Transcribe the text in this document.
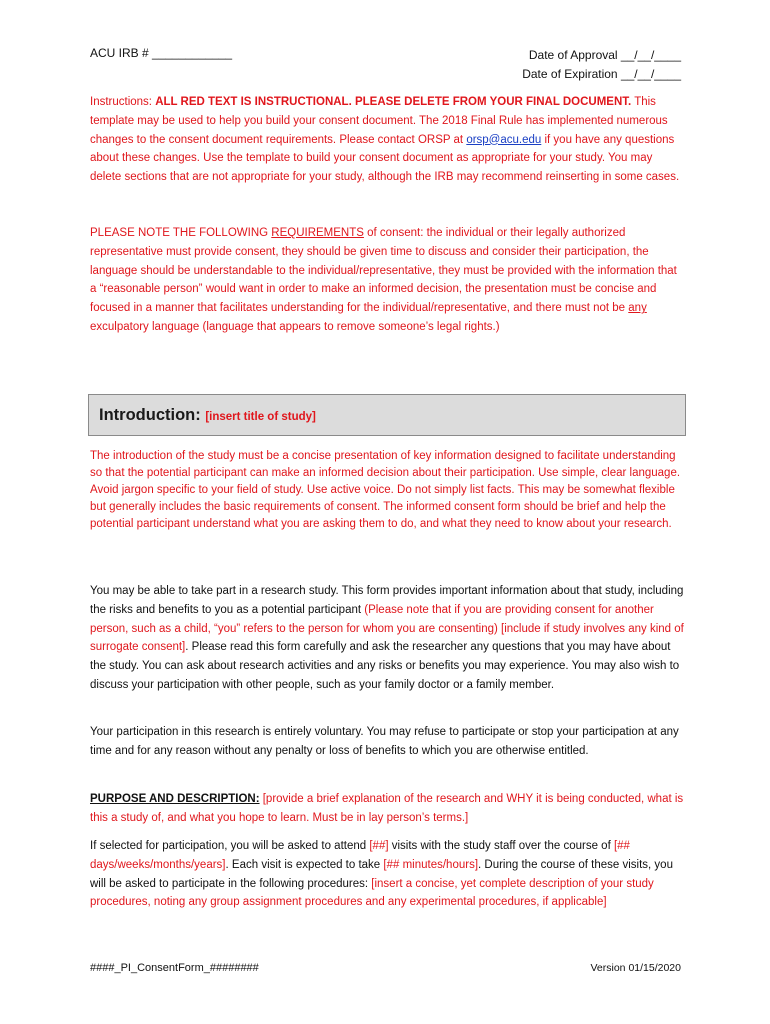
ACU IRB # ____________	Date of Approval __/__/____
Date of Expiration __/__/____
Instructions: ALL RED TEXT IS INSTRUCTIONAL. PLEASE DELETE FROM YOUR FINAL DOCUMENT. This template may be used to help you build your consent document. The 2018 Final Rule has implemented numerous changes to the consent document requirements. Please contact ORSP at orsp@acu.edu if you have any questions about these changes. Use the template to build your consent document as appropriate for your study. You may delete sections that are not appropriate for your study, although the IRB may recommend reinserting in some cases.
PLEASE NOTE THE FOLLOWING REQUIREMENTS of consent: the individual or their legally authorized representative must provide consent, they should be given time to discuss and consider their participation, the language should be understandable to the individual/representative, they must be provided with the information that a “reasonable person” would want in order to make an informed decision, the presentation must be concise and focused in a manner that facilitates understanding for the individual/representative, and there must not be any exculpatory language (language that appears to remove someone’s legal rights.)
Introduction: [insert title of study]
The introduction of the study must be a concise presentation of key information designed to facilitate understanding so that the potential participant can make an informed decision about their participation. Use simple, clear language. Avoid jargon specific to your field of study. Use active voice. Do not simply list facts. This may be somewhat flexible but generally includes the basic requirements of consent. The informed consent form should be brief and help the potential participant understand what you are asking them to do, and what they need to know about your research.
You may be able to take part in a research study. This form provides important information about that study, including the risks and benefits to you as a potential participant (Please note that if you are providing consent for another person, such as a child, “you” refers to the person for whom you are consenting) [include if study involves any kind of surrogate consent]. Please read this form carefully and ask the researcher any questions that you may have about the study. You can ask about research activities and any risks or benefits you may experience. You may also wish to discuss your participation with other people, such as your family doctor or a family member.
Your participation in this research is entirely voluntary. You may refuse to participate or stop your participation at any time and for any reason without any penalty or loss of benefits to which you are otherwise entitled.
PURPOSE AND DESCRIPTION: [provide a brief explanation of the research and WHY it is being conducted, what is this a study of, and what you hope to learn. Must be in lay person’s terms.]
If selected for participation, you will be asked to attend [##] visits with the study staff over the course of [## days/weeks/months/years]. Each visit is expected to take [## minutes/hours]. During the course of these visits, you will be asked to participate in the following procedures: [insert a concise, yet complete description of your study procedures, noting any group assignment procedures and any experimental procedures, if applicable]
####_PI_ConsentForm_########	Version 01/15/2020
